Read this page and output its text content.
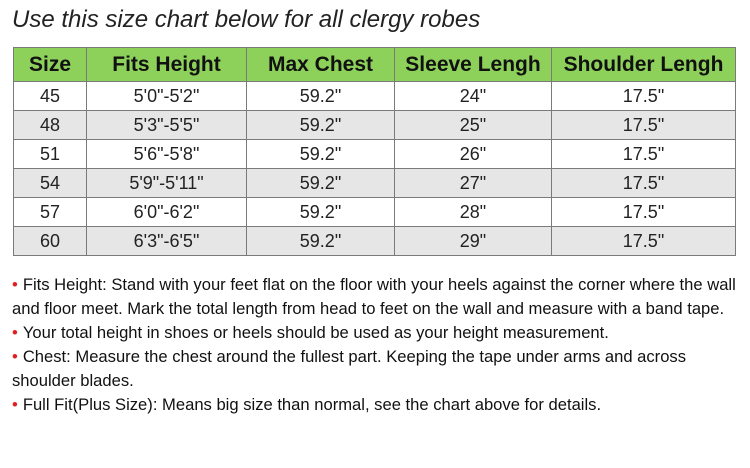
Use this size chart below for all clergy robes
Size	Fits Height	Max Chest	Sleeve Lengh	Shoulder Lengh
45	5'0"-5'2"	59.2"	24"	17.5"
48	5'3"-5'5"	59.2"	25"	17.5"
51	5'6"-5'8"	59.2"	26"	17.5"
54	5'9"-5'11"	59.2"	27"	17.5"
57	6'0"-6'2"	59.2"	28"	17.5"
60	6'3"-6'5"	59.2"	29"	17.5"

• Fits Height: Stand with your feet flat on the floor with your heels against the corner where the wall and floor meet. Mark the total length from head to feet on the wall and measure with a band tape.

• Your total height in shoes or heels should be used as your height measurement.

• Chest: Measure the chest around the fullest part. Keeping the tape under arms and across shoulder blades.

• Full Fit(Plus Size): Means big size than normal, see the chart above for details.
